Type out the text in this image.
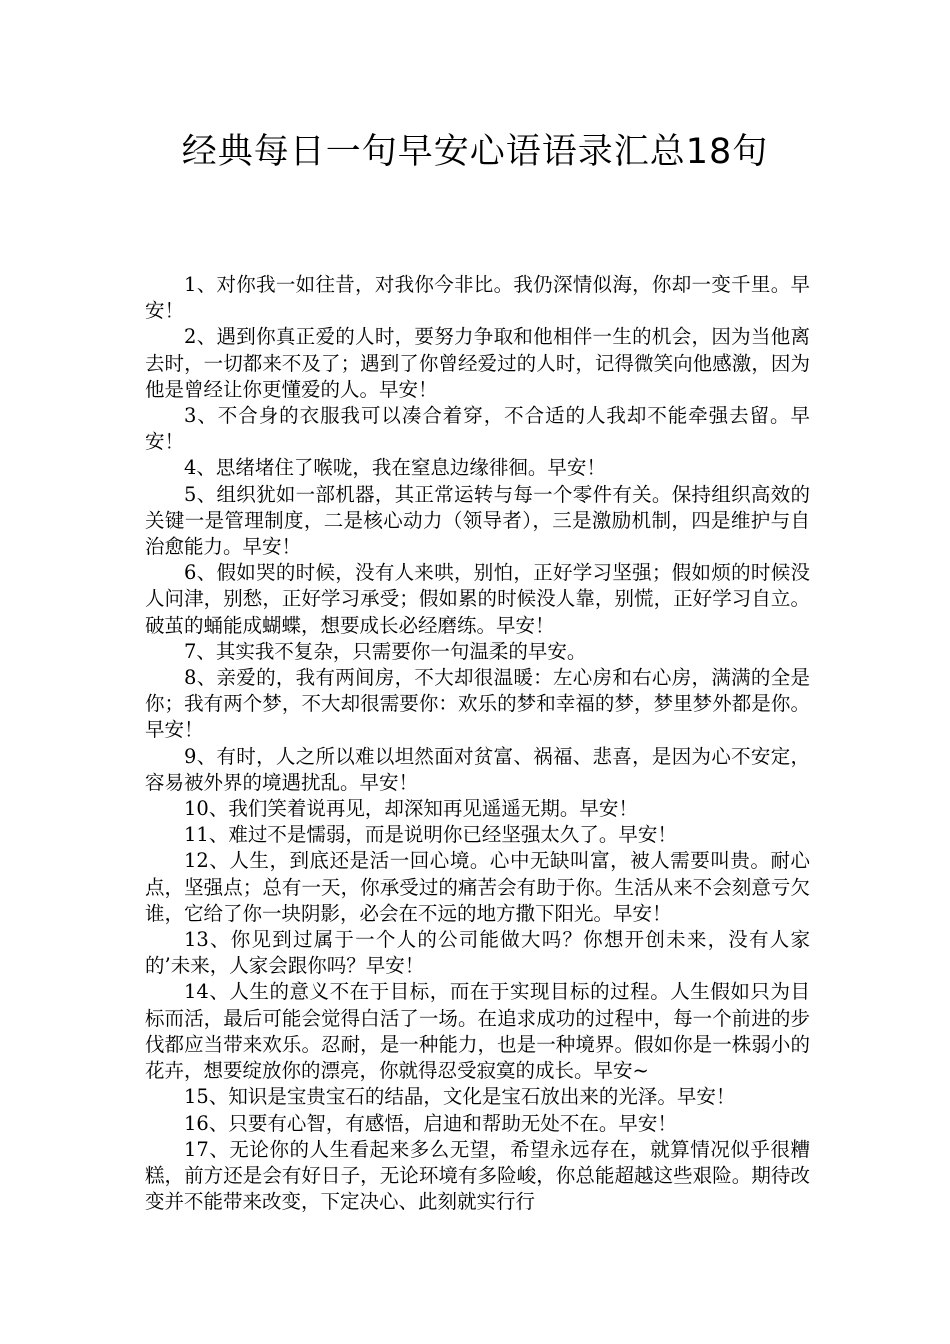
经典每日一句早安心语语录汇总18句

1、对你我一如往昔，对我你今非比。我仍深情似海，你却一变千里。早安！

2、遇到你真正爱的人时，要努力争取和他相伴一生的机会，因为当他离去时，一切都来不及了；遇到了你曾经爱过的人时，记得微笑向他感激，因为他是曾经让你更懂爱的人。早安！

3、不合身的衣服我可以凑合着穿，不合适的人我却不能牵强去留。早安！

4、思绪堵住了喉咙，我在窒息边缘徘徊。早安！

5、组织犹如一部机器，其正常运转与每一个零件有关。保持组织高效的关键一是管理制度，二是核心动力（领导者），三是激励机制，四是维护与自治愈能力。早安！

6、假如哭的时候，没有人来哄，别怕，正好学习坚强；假如烦的时候没人问津，别愁，正好学习承受；假如累的时候没人靠，别慌，正好学习自立。破茧的蛹能成蝴蝶，想要成长必经磨练。早安！

7、其实我不复杂，只需要你一句温柔的早安。

8、亲爱的，我有两间房，不大却很温暖：左心房和右心房，满满的全是你；我有两个梦，不大却很需要你：欢乐的梦和幸福的梦，梦里梦外都是你。早安！

9、有时，人之所以难以坦然面对贫富、祸福、悲喜，是因为心不安定，容易被外界的境遇扰乱。早安！

10、我们笑着说再见，却深知再见遥遥无期。早安！

11、难过不是懦弱，而是说明你已经坚强太久了。早安！

12、人生，到底还是活一回心境。心中无缺叫富，被人需要叫贵。耐心点，坚强点；总有一天，你承受过的痛苦会有助于你。生活从来不会刻意亏欠谁，它给了你一块阴影，必会在不远的地方撒下阳光。早安！

13、你见到过属于一个人的公司能做大吗？你想开创未来，没有人家的’未来，人家会跟你吗？早安！

14、人生的意义不在于目标，而在于实现目标的过程。人生假如只为目标而活，最后可能会觉得白活了一场。在追求成功的过程中，每一个前进的步伐都应当带来欢乐。忍耐，是一种能力，也是一种境界。假如你是一株弱小的花卉，想要绽放你的漂亮，你就得忍受寂寞的成长。早安~

15、知识是宝贵宝石的结晶，文化是宝石放出来的光泽。早安！

16、只要有心智，有感悟，启迪和帮助无处不在。早安！

17、无论你的人生看起来多么无望，希望永远存在，就算情况似乎很糟糕，前方还是会有好日子，无论环境有多险峻，你总能超越这些艰险。期待改变并不能带来改变，下定决心、此刻就实行行
